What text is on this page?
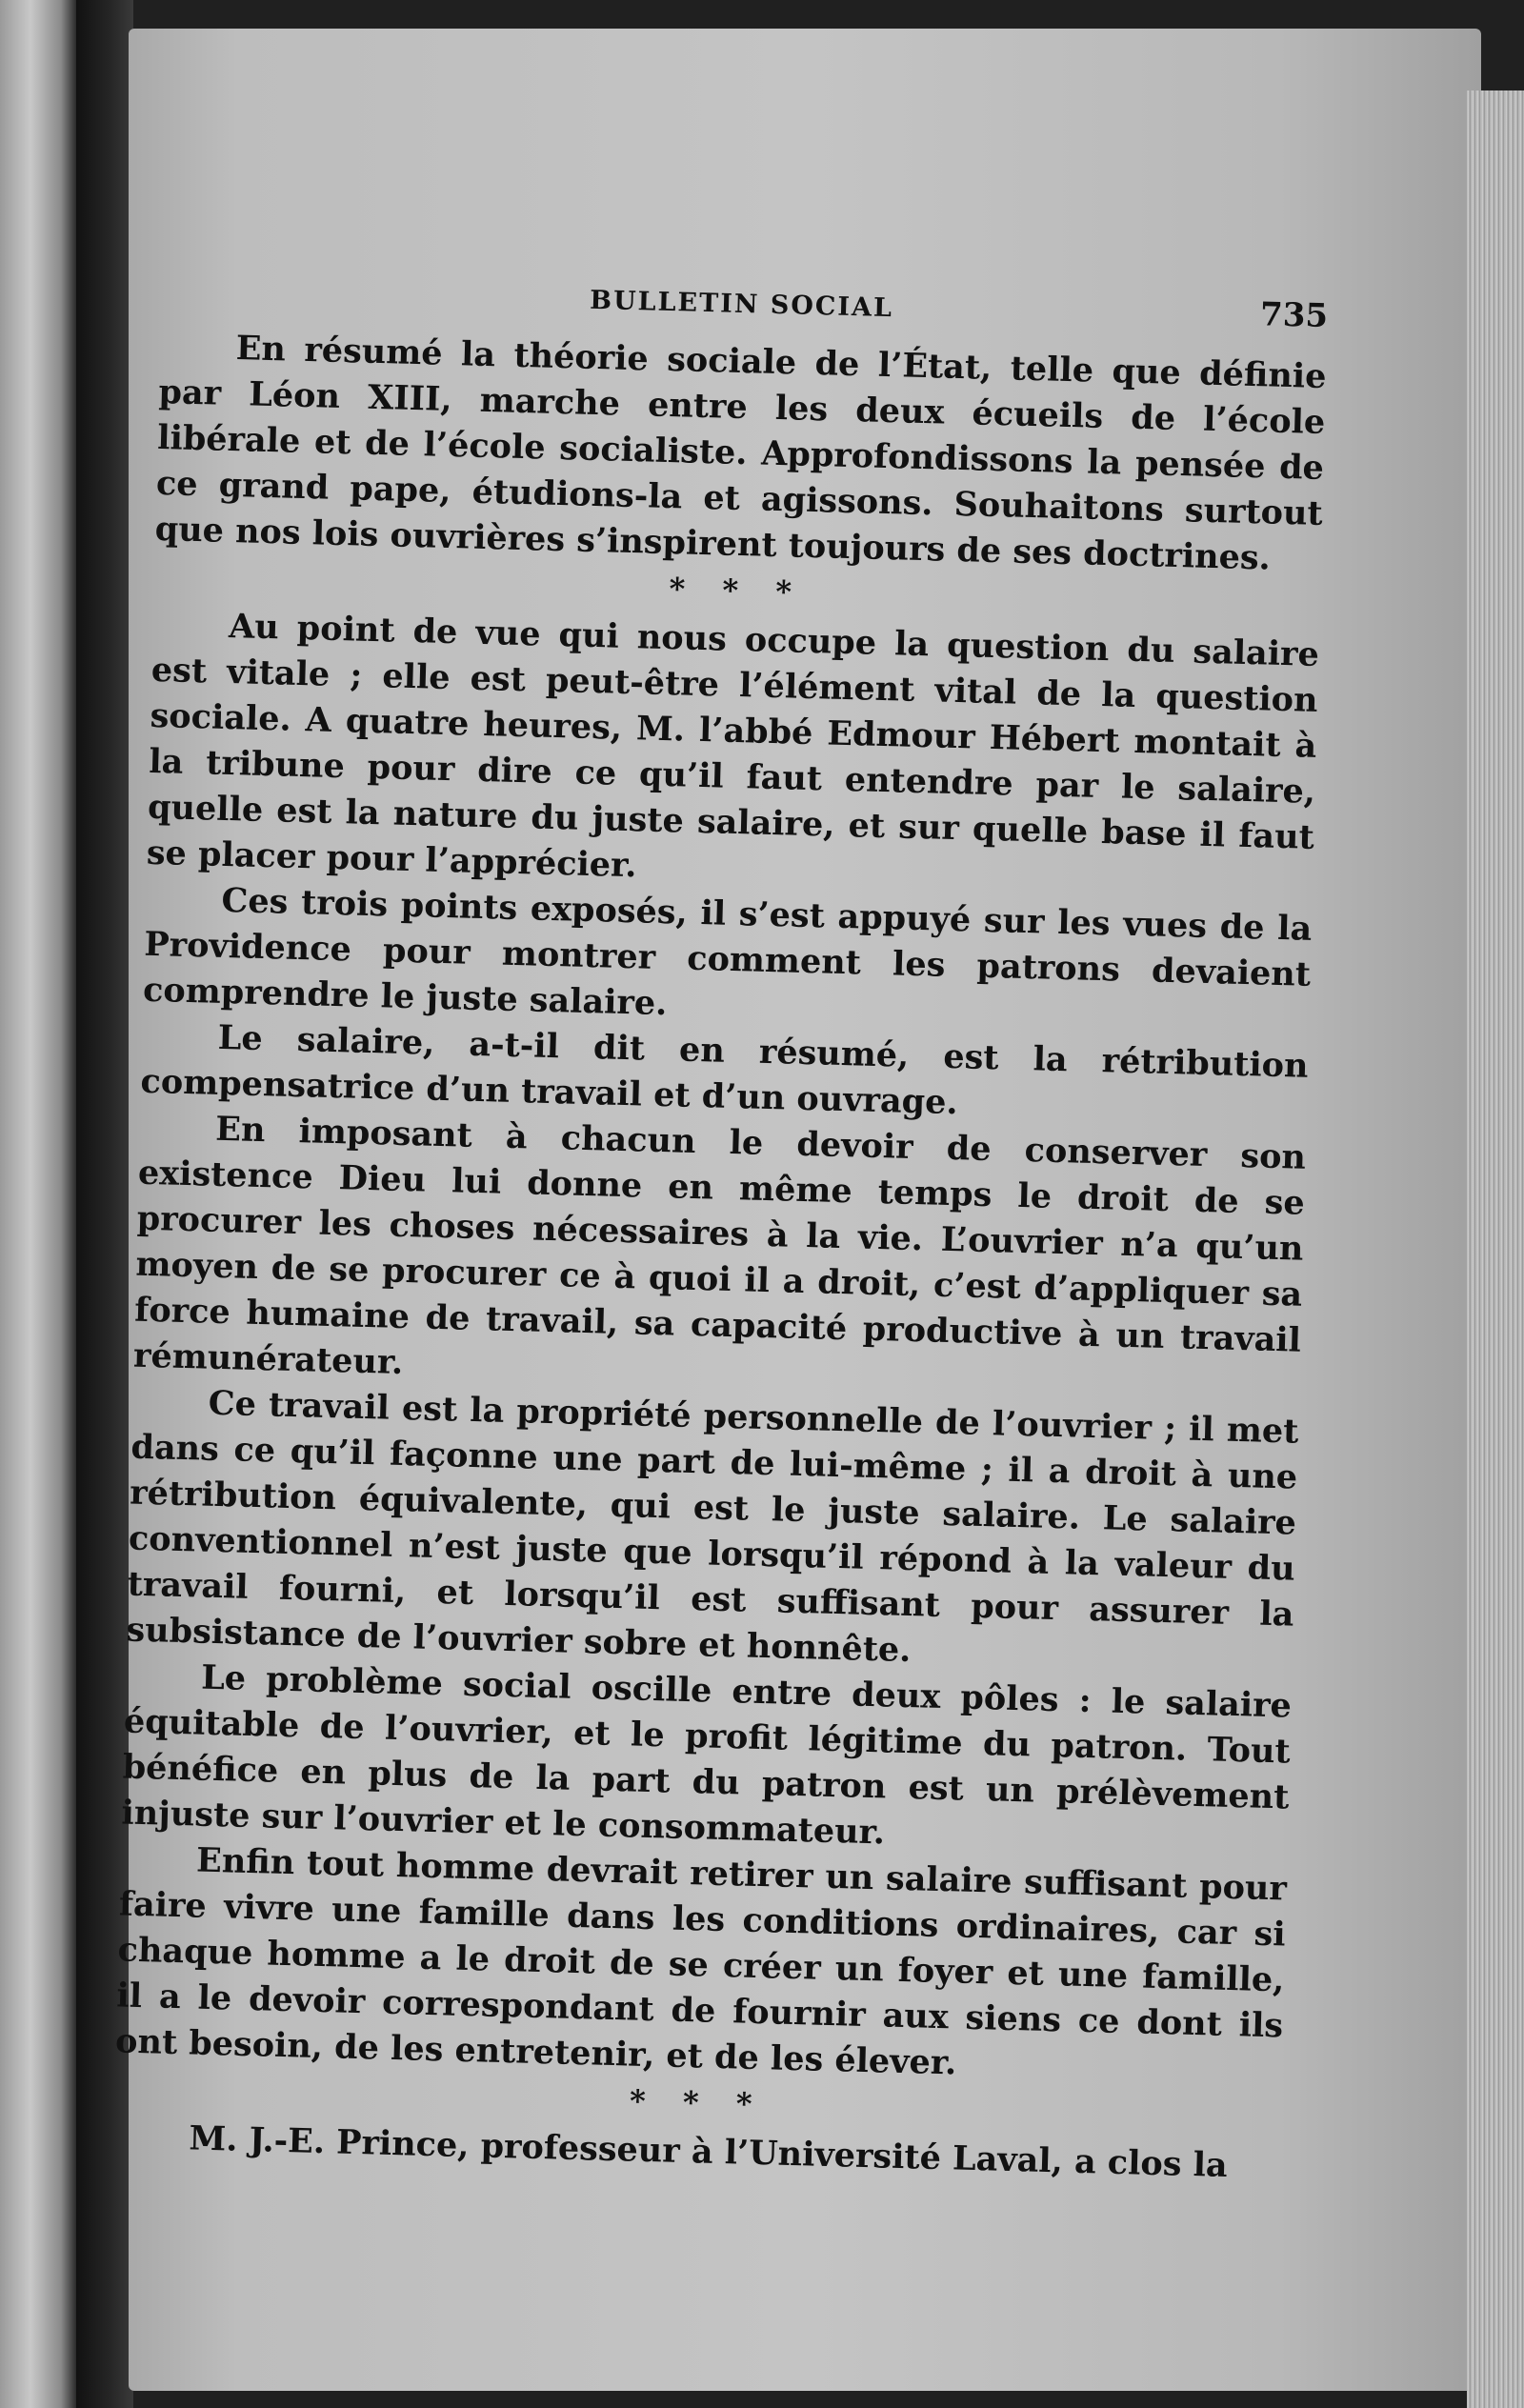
BULLETIN SOCIAL	735

En résumé la théorie sociale de l’État, telle que définie par Léon XIII, marche entre les deux écueils de l’école libérale et de l’école socialiste. Approfondissons la pensée de ce grand pape, étudions-la et agissons. Souhaitons surtout que nos lois ouvrières s’inspirent toujours de ses doctrines.

* * *

Au point de vue qui nous occupe la question du salaire est vitale ; elle est peut-être l’élément vital de la question sociale. A quatre heures, M. l’abbé Edmour Hébert montait à la tribune pour dire ce qu’il faut entendre par le salaire, quelle est la nature du juste salaire, et sur quelle base il faut se placer pour l’apprécier.

Ces trois points exposés, il s’est appuyé sur les vues de la Providence pour montrer comment les patrons devaient comprendre le juste salaire.

Le salaire, a-t-il dit en résumé, est la rétribution compensatrice d’un travail et d’un ouvrage.

En imposant à chacun le devoir de conserver son existence Dieu lui donne en même temps le droit de se procurer les choses nécessaires à la vie. L’ouvrier n’a qu’un moyen de se procurer ce à quoi il a droit, c’est d’appliquer sa force humaine de travail, sa capacité productive à un travail rémunérateur.

Ce travail est la propriété personnelle de l’ouvrier ; il met dans ce qu’il façonne une part de lui-même ; il a droit à une rétribution équivalente, qui est le juste salaire. Le salaire conventionnel n’est juste que lorsqu’il répond à la valeur du travail fourni, et lorsqu’il est suffisant pour assurer la subsistance de l’ouvrier sobre et honnête.

Le problème social oscille entre deux pôles : le salaire équitable de l’ouvrier, et le profit légitime du patron. Tout bénéfice en plus de la part du patron est un prélèvement injuste sur l’ouvrier et le consommateur.

Enfin tout homme devrait retirer un salaire suffisant pour faire vivre une famille dans les conditions ordinaires, car si chaque homme a le droit de se créer un foyer et une famille, il a le devoir correspondant de fournir aux siens ce dont ils ont besoin, de les entretenir, et de les élever.

* * *

M. J.-E. Prince, professeur à l’Université Laval, a clos la
